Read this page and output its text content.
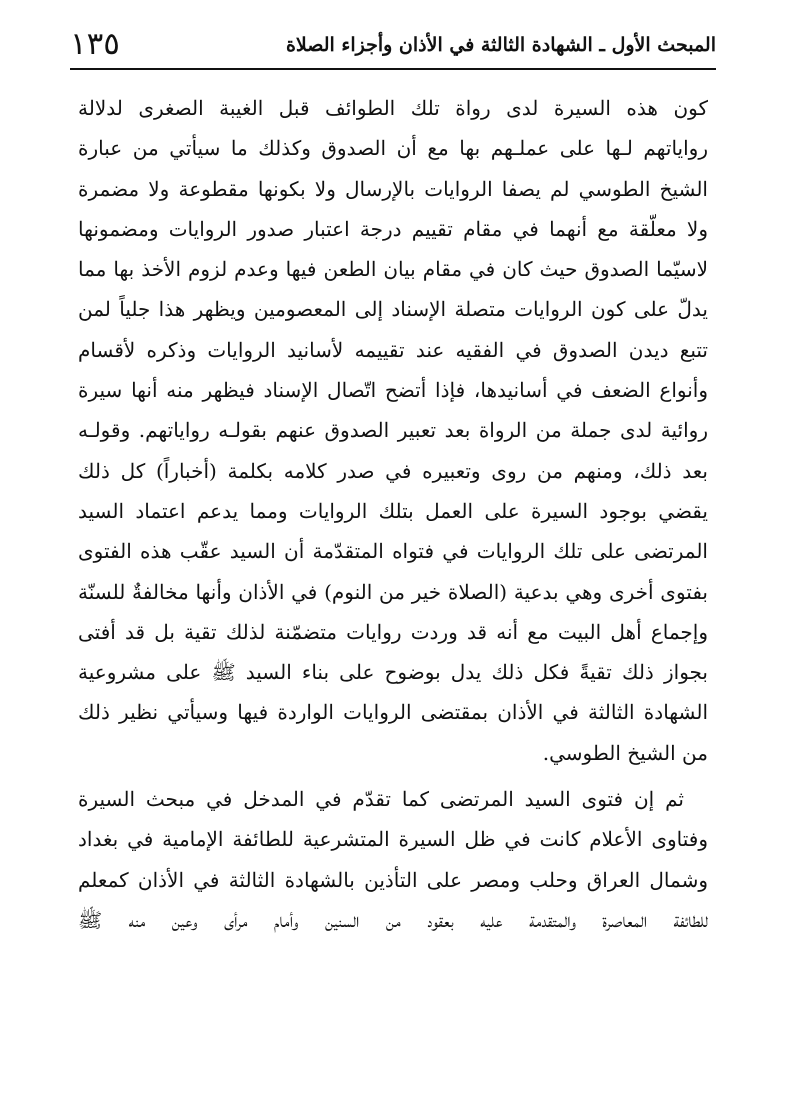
المبحث الأول ـ الشهادة الثالثة في الأذان وأجزاء الصلاة
١٣٥
كون هذه السيرة لدى رواة تلك الطوائف قبل الغيبة الصغرى لدلالة
رواياتهم لـها على عملـهم بها مع أن الصدوق وكذلك ما سيأتي من عبارة
الشيخ الطوسي لم يصفا الروايات بالإرسال ولا بكونها مقطوعة ولا مضمرة
ولا معلّقة مع أنهما في مقام تقييم درجة اعتبار صدور الروايات ومضمونها
لاسيّما الصدوق حيث كان في مقام بيان الطعن فيها وعدم لزوم الأخذ بها مما
يدلّ على كون الروايات متصلة الإسناد إلى المعصومين ويظهر هذا جلياً لمن
تتبع ديدن الصدوق في الفقيه عند تقييمه لأسانيد الروايات وذكره لأقسام
وأنواع الضعف في أسانيدها، فإذا أتضح اتّصال الإسناد فيظهر منه أنها سيرة
روائية لدى جملة من الرواة بعد تعبير الصدوق عنهم بقولـه رواياتهم. وقولـه
بعد ذلك، ومنهم من روى وتعبيره في صدر كلامه بكلمة (أخباراً) كل ذلك
يقضي بوجود السيرة على العمل بتلك الروايات ومما يدعم اعتماد السيد
المرتضى على تلك الروايات في فتواه المتقدّمة أن السيد عقّب هذه الفتوى
بفتوى أخرى وهي بدعية (الصلاة خير من النوم) في الأذان وأنها مخالفةٌ للسنّة
وإجماع أهل البيت مع أنه قد وردت روايات متضمّنة لذلك تقية بل قد أفتى
بجواز ذلك تقيةً فكل ذلك يدل بوضوح على بناء السيد ﷺ على مشروعية
الشهادة الثالثة في الأذان بمقتضى الروايات الواردة فيها وسيأتي نظير ذلك
من الشيخ الطوسي.
ثم إن فتوى السيد المرتضى كما تقدّم في المدخل في مبحث السيرة
وفتاوى الأعلام كانت في ظل السيرة المتشرعية للطائفة الإمامية في بغداد
وشمال العراق وحلب ومصر على التأذين بالشهادة الثالثة في الأذان كمعلم
للطائفة المعاصرة والمتقدمة عليه بعقود من السنين وأمام مرأى وعين منه ﷺ
